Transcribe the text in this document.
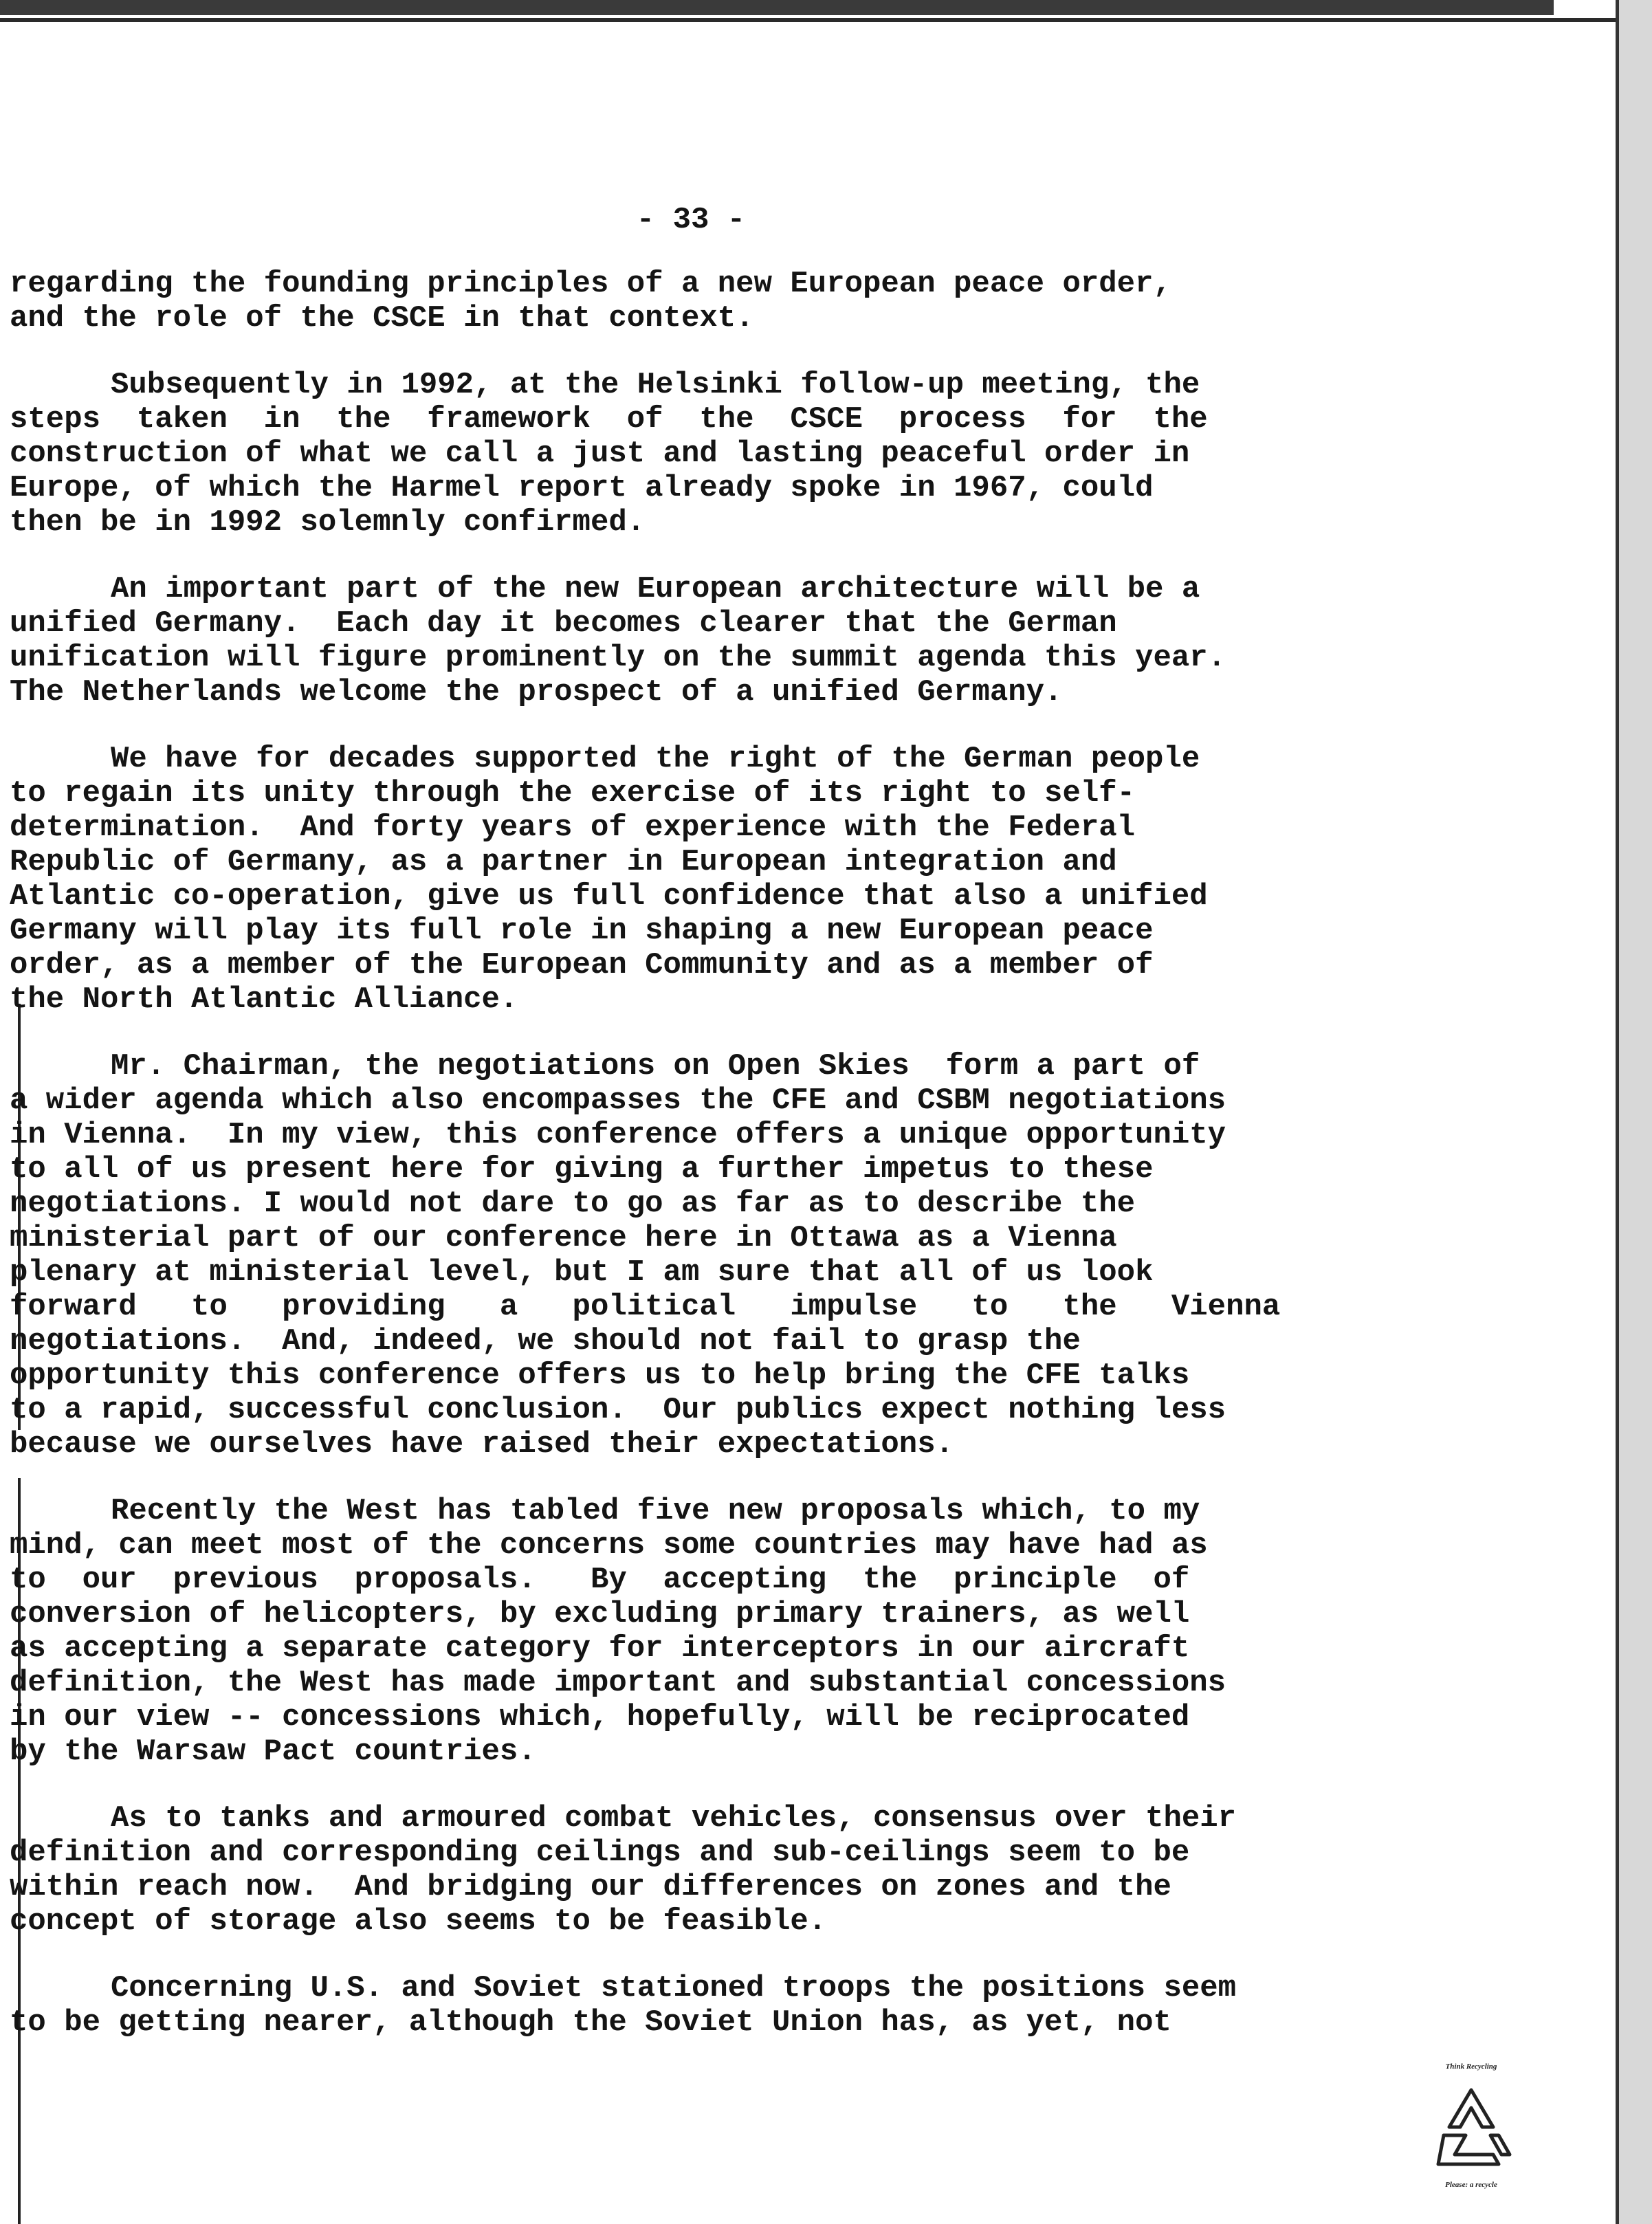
- 33 -
regarding the founding principles of a new European peace order,
and the role of the CSCE in that context.
Subsequently in 1992, at the Helsinki follow-up meeting, the
steps  taken  in  the  framework  of  the  CSCE  process  for  the
construction of what we call a just and lasting peaceful order in
Europe, of which the Harmel report already spoke in 1967, could
then be in 1992 solemnly confirmed.
An important part of the new European architecture will be a
unified Germany.  Each day it becomes clearer that the German
unification will figure prominently on the summit agenda this year.
The Netherlands welcome the prospect of a unified Germany.
We have for decades supported the right of the German people
to regain its unity through the exercise of its right to self-
determination.  And forty years of experience with the Federal
Republic of Germany, as a partner in European integration and
Atlantic co-operation, give us full confidence that also a unified
Germany will play its full role in shaping a new European peace
order, as a member of the European Community and as a member of
the North Atlantic Alliance.
Mr. Chairman, the negotiations on Open Skies  form a part of
a wider agenda which also encompasses the CFE and CSBM negotiations
in Vienna.  In my view, this conference offers a unique opportunity
to all of us present here for giving a further impetus to these
negotiations. I would not dare to go as far as to describe the
ministerial part of our conference here in Ottawa as a Vienna
plenary at ministerial level, but I am sure that all of us look
forward   to   providing   a   political   impulse   to   the   Vienna
negotiations.  And, indeed, we should not fail to grasp the
opportunity this conference offers us to help bring the CFE talks
to a rapid, successful conclusion.  Our publics expect nothing less
because we ourselves have raised their expectations.
Recently the West has tabled five new proposals which, to my
mind, can meet most of the concerns some countries may have had as
to  our  previous  proposals.   By  accepting  the  principle  of
conversion of helicopters, by excluding primary trainers, as well
as accepting a separate category for interceptors in our aircraft
definition, the West has made important and substantial concessions
in our view -- concessions which, hopefully, will be reciprocated
by the Warsaw Pact countries.
As to tanks and armoured combat vehicles, consensus over their
definition and corresponding ceilings and sub-ceilings seem to be
within reach now.  And bridging our differences on zones and the
concept of storage also seems to be feasible.
Concerning U.S. and Soviet stationed troops the positions seem
to be getting nearer, although the Soviet Union has, as yet, not
Think Recycling
Please: a recycle
